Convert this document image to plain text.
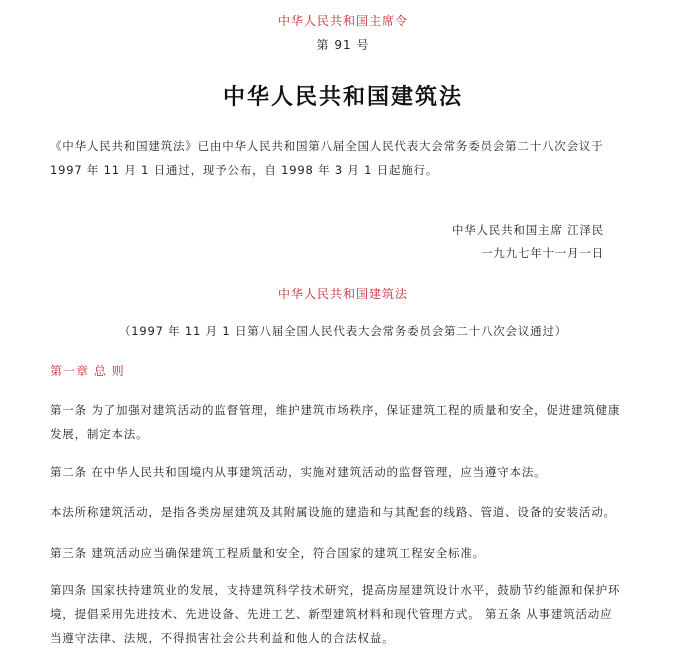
中华人民共和国主席令
第 91 号
中华人民共和国建筑法
《中华人民共和国建筑法》已由中华人民共和国第八届全国人民代表大会常务委员会第二十八次会议于
1997 年 11 月 1 日通过，现予公布，自 1998 年 3 月 1 日起施行。
中华人民共和国主席 江泽民
一九九七年十一月一日
中华人民共和国建筑法
（1997 年 11 月 1 日第八届全国人民代表大会常务委员会第二十八次会议通过）
第一章 总 则
第一条 为了加强对建筑活动的监督管理，维护建筑市场秩序，保证建筑工程的质量和安全，促进建筑健康
发展，制定本法。
第二条 在中华人民共和国境内从事建筑活动，实施对建筑活动的监督管理，应当遵守本法。
本法所称建筑活动，是指各类房屋建筑及其附属设施的建造和与其配套的线路、管道、设备的安装活动。
第三条 建筑活动应当确保建筑工程质量和安全，符合国家的建筑工程安全标准。
第四条 国家扶持建筑业的发展，支持建筑科学技术研究，提高房屋建筑设计水平，鼓励节约能源和保护环
境，提倡采用先进技术、先进设备、先进工艺、新型建筑材料和现代管理方式。 第五条 从事建筑活动应
当遵守法律、法规，不得损害社会公共利益和他人的合法权益。
